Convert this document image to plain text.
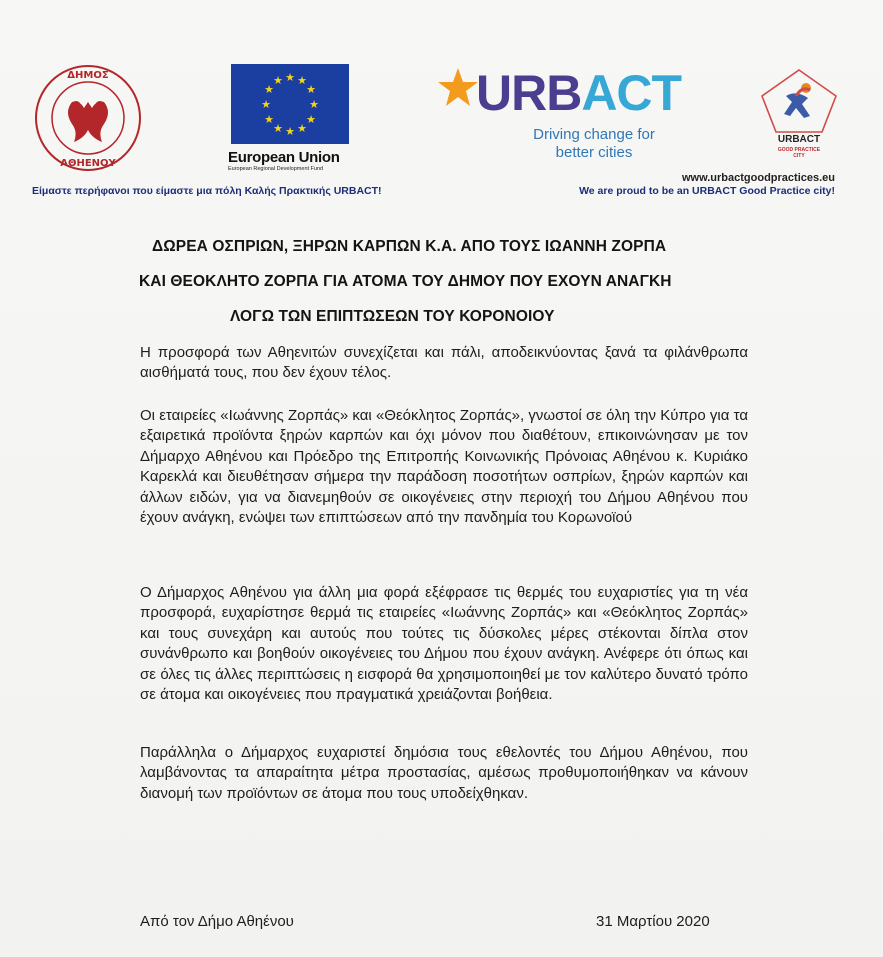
ΔΗΜΟΣ
ΑΘΗΕΝΟΥ
★ ★
★
★
★
★
★
★
★
★
★
★
European Union
European Regional Development Fund
URBACT
Driving change for
better cities
URBACT
GOOD PRACTICE
CITY
www.urbactgoodpractices.eu
Είμαστε περήφανοι που είμαστε μια πόλη Καλής Πρακτικής URBACT!	We are proud to be an URBACT Good Practice city!
ΔΩΡΕΑ ΟΣΠΡΙΩΝ, ΞΗΡΩΝ ΚΑΡΠΩΝ Κ.Α. ΑΠΟ ΤΟΥΣ ΙΩΑΝΝΗ ΖΟΡΠΑ
ΚΑΙ ΘΕΟΚΛΗΤΟ ΖΟΡΠΑ ΓΙΑ ΑΤΟΜΑ ΤΟΥ ΔΗΜΟΥ ΠΟΥ ΕΧΟΥΝ ΑΝΑΓΚΗ
ΛΟΓΩ ΤΩΝ ΕΠΙΠΤΩΣΕΩΝ ΤΟΥ ΚΟΡΟΝΟΙΟΥ
Η προσφορά των Αθηενιτών συνεχίζεται και πάλι, αποδεικνύοντας ξανά τα φιλάνθρωπα αισθήματά τους, που δεν έχουν τέλος.
Οι εταιρείες «Ιωάννης Ζορπάς» και «Θεόκλητος Ζορπάς», γνωστοί σε όλη την Κύπρο για τα εξαιρετικά προϊόντα ξηρών καρπών και όχι μόνον που διαθέτουν, επικοινώνησαν με τον Δήμαρχο Αθηένου και Πρόεδρο της Επιτροπής Κοινωνικής Πρόνοιας Αθηένου κ. Κυριάκο Καρεκλά και διευθέτησαν σήμερα την παράδοση ποσοτήτων οσπρίων, ξηρών καρπών και άλλων ειδών, για να διανεμηθούν σε οικογένειες στην περιοχή του Δήμου Αθηένου που έχουν ανάγκη, ενώψει των επιπτώσεων από την πανδημία του Κορωνοϊού
Ο Δήμαρχος Αθηένου για άλλη μια φορά εξέφρασε τις θερμές του ευχαριστίες για τη νέα προσφορά, ευχαρίστησε θερμά τις εταιρείες «Ιωάννης Ζορπάς» και «Θεόκλητος Ζορπάς» και τους συνεχάρη και αυτούς που τούτες τις δύσκολες μέρες στέκονται δίπλα στον συνάνθρωπο και βοηθούν οικογένειες του Δήμου που έχουν ανάγκη. Ανέφερε ότι όπως και σε όλες τις άλλες περιπτώσεις η εισφορά θα χρησιμοποιηθεί με τον καλύτερο δυνατό τρόπο σε άτομα και οικογένειες που πραγματικά χρειάζονται βοήθεια.
Παράλληλα ο Δήμαρχος ευχαριστεί δημόσια τους εθελοντές του Δήμου Αθηένου, που λαμβάνοντας τα απαραίτητα μέτρα προστασίας, αμέσως προθυμοποιήθηκαν να κάνουν διανομή των προϊόντων σε άτομα που τους υποδείχθηκαν.
Από τον Δήμο Αθηένου	31 Μαρτίου 2020
